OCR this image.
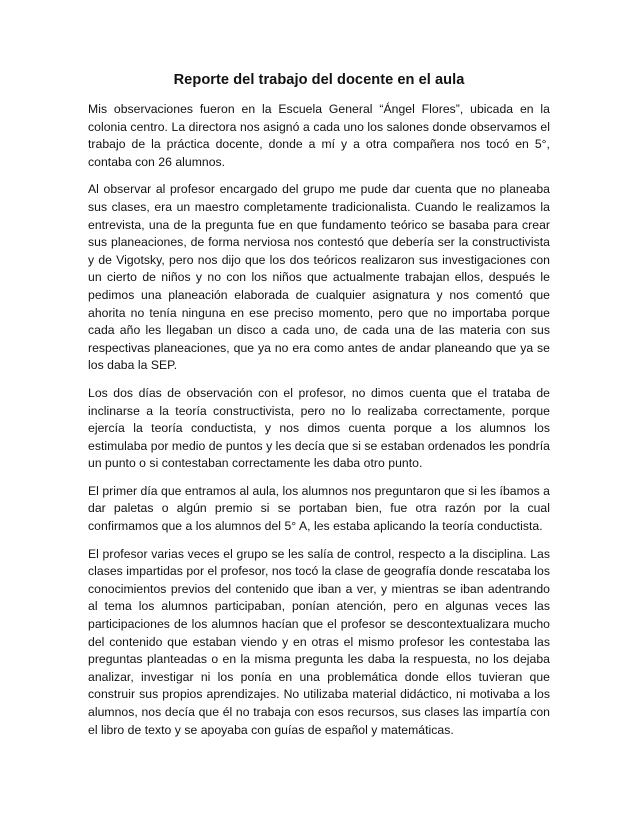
Reporte del trabajo del docente en el aula

Mis observaciones fueron en la Escuela General “Ángel Flores”, ubicada en la colonia centro. La directora nos asignó a cada uno los salones donde observamos el trabajo de la práctica docente, donde a mí y a otra compañera nos tocó en 5°, contaba con 26 alumnos.

Al observar al profesor encargado del grupo me pude dar cuenta que no planeaba sus clases, era un maestro completamente tradicionalista. Cuando le realizamos la entrevista, una de la pregunta fue en que fundamento teórico se basaba para crear sus planeaciones, de forma nerviosa nos contestó que debería ser la constructivista y de Vigotsky, pero nos dijo que los dos teóricos realizaron sus investigaciones con un cierto de niños y no con los niños que actualmente trabajan ellos, después le pedimos una planeación elaborada de cualquier asignatura y nos comentó que ahorita no tenía ninguna en ese preciso momento, pero que no importaba porque cada año les llegaban un disco a cada uno, de cada una de las materia con sus respectivas planeaciones, que ya no era como antes de andar planeando que ya se los daba la SEP.

Los dos días de observación con el profesor, no dimos cuenta que el trataba de inclinarse a la teoría constructivista, pero no lo realizaba correctamente, porque ejercía la teoría conductista, y nos dimos cuenta porque a los alumnos los estimulaba por medio de puntos y les decía que si se estaban ordenados les pondría un punto o si contestaban correctamente les daba otro punto.

El primer día que entramos al aula, los alumnos nos preguntaron que si les íbamos a dar paletas o algún premio si se portaban bien, fue otra razón por la cual confirmamos que a los alumnos del 5° A, les estaba aplicando la teoría conductista.

El profesor varias veces el grupo se les salía de control, respecto a la disciplina. Las clases impartidas por el profesor, nos tocó la clase de geografía donde rescataba los conocimientos previos del contenido que iban a ver, y mientras se iban adentrando al tema los alumnos participaban, ponían atención, pero en algunas veces las participaciones de los alumnos hacían que el profesor se descontextualizara mucho del contenido que estaban viendo y en otras el mismo profesor les contestaba las preguntas planteadas o en la misma pregunta les daba la respuesta, no los dejaba analizar, investigar ni los ponía en una problemática donde ellos tuvieran que construir sus propios aprendizajes. No utilizaba material didáctico, ni motivaba a los alumnos, nos decía que él no trabaja con esos recursos, sus clases las impartía con el libro de texto y se apoyaba con guías de español y matemáticas.
